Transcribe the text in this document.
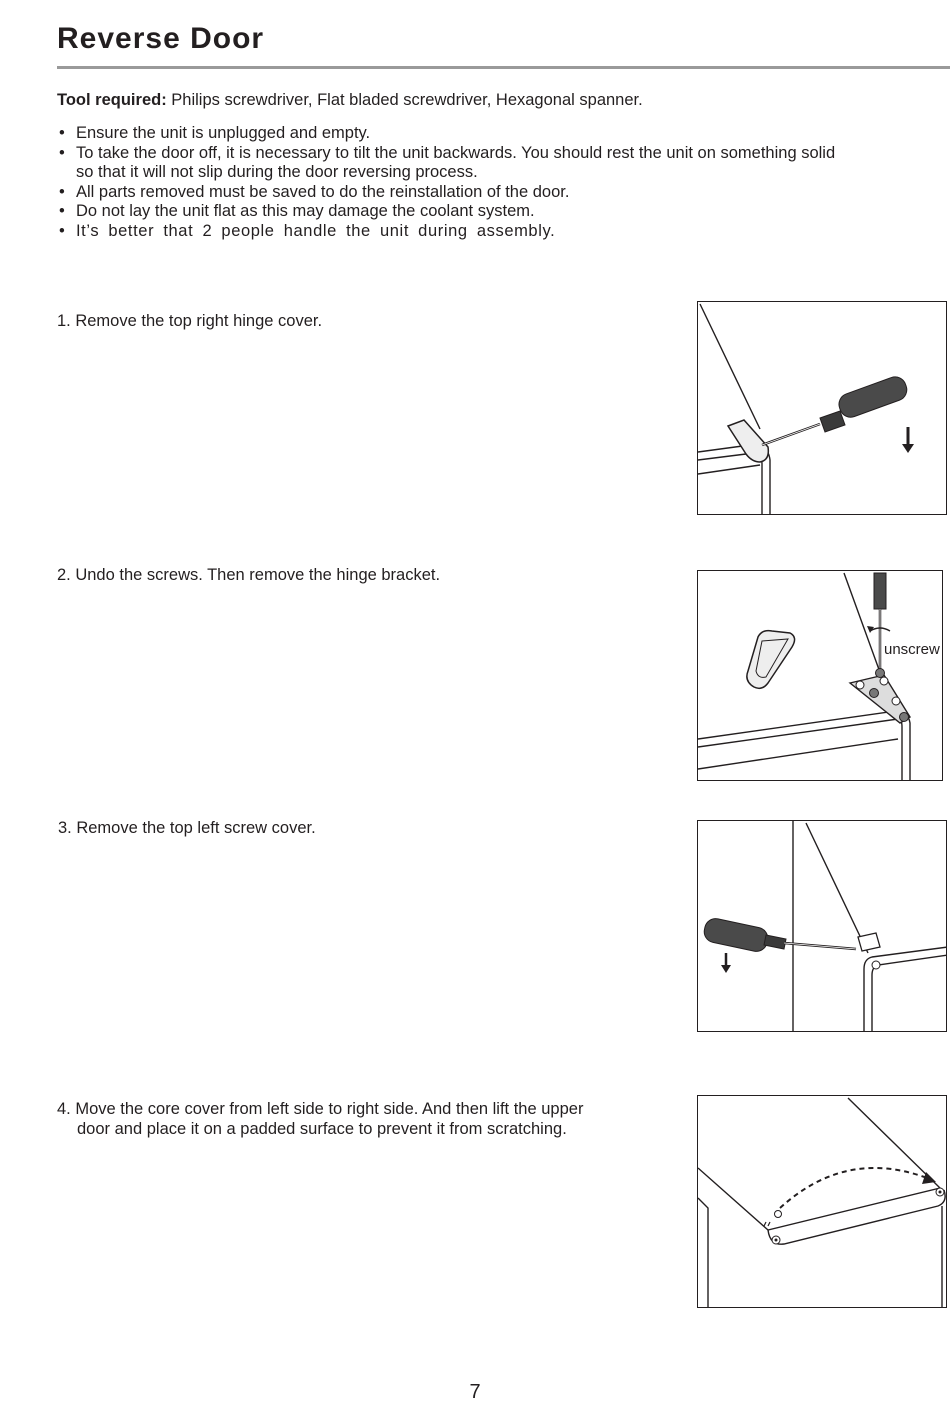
Reverse Door

Tool required: Philips screwdriver, Flat bladed screwdriver, Hexagonal spanner.

• Ensure the unit is unplugged and empty.
• To take the door off, it is necessary to tilt the unit backwards. You should rest the unit on something solid
so that it will not slip during the door reversing process.
• All parts removed must be saved to do the reinstallation of the door.
• Do not lay the unit flat as this may damage the coolant system.
• It’s better that 2 people handle the unit during assembly.

1. Remove the top right hinge cover.

2. Undo the screws. Then remove the hinge bracket.

3. Remove the top left screw cover.

4. Move the core cover from left side to right side. And then lift the upper
door and place it on a padded surface to prevent it from scratching.

unscrew
7
